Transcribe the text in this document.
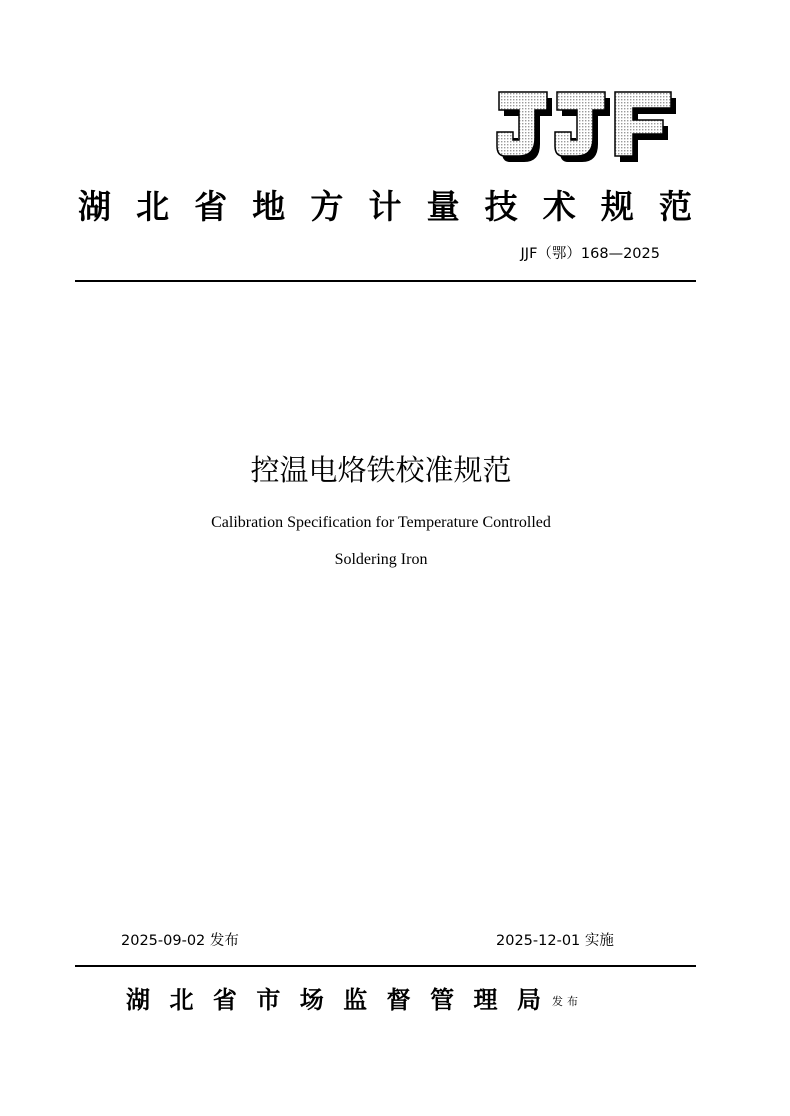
湖 北 省 地 方 计 量 技 术 规 范
JJF（鄂）168—2025
控温电烙铁校准规范
Calibration Specification for Temperature Controlled
Soldering Iron
2025-09-02 发布	2025-12-01 实施
湖 北 省 市 场 监 督 管 理 局 发布
